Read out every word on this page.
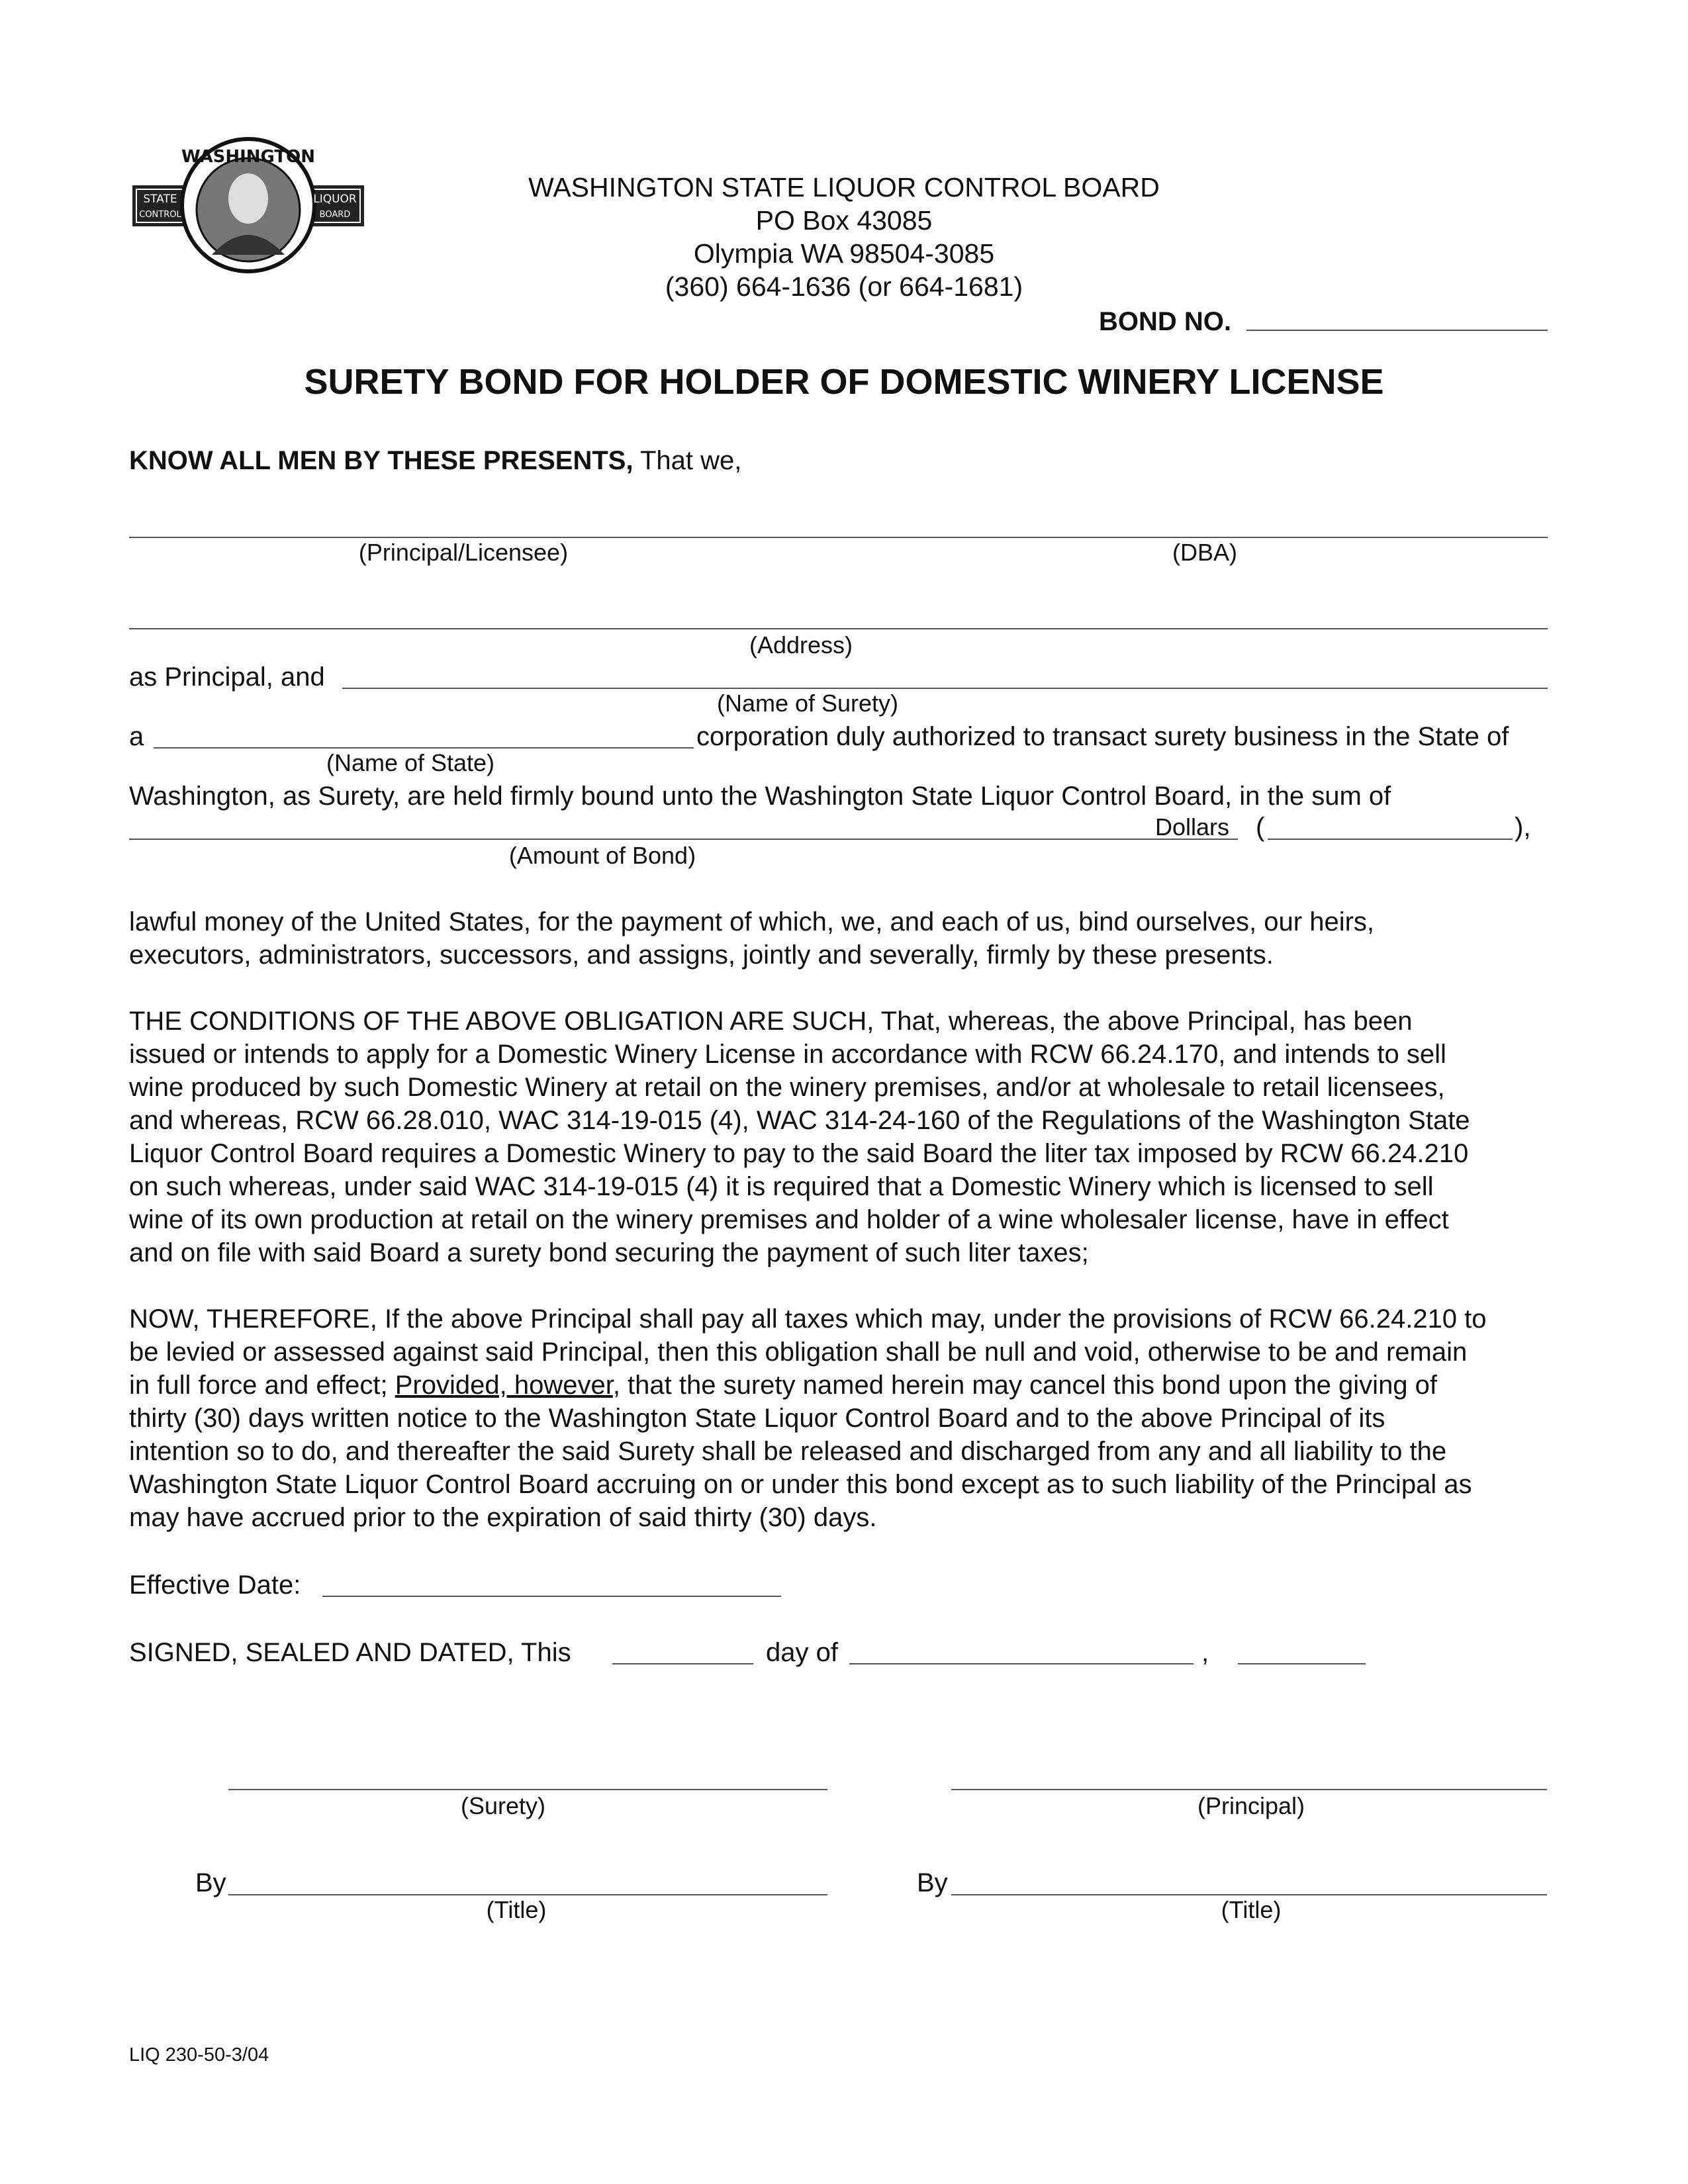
WASHINGTON
STATE
CONTROL
LIQUOR
BOARD
WASHINGTON STATE LIQUOR CONTROL BOARD
PO Box 43085
Olympia WA 98504-3085
(360) 664-1636 (or 664-1681)
BOND NO.
SURETY BOND FOR HOLDER OF DOMESTIC WINERY LICENSE
KNOW ALL MEN BY THESE PRESENTS, That we,
(Principal/Licensee)	(DBA)
(Address)
as Principal, and
(Name of Surety)
a	corporation duly authorized to transact surety business in the State of
(Name of State)
Washington, as Surety, are held firmly bound unto the Washington State Liquor Control Board, in the sum of
Dollars (	),
(Amount of Bond)
lawful money of the United States, for the payment of which, we, and each of us, bind ourselves, our heirs,
executors, administrators, successors, and assigns, jointly and severally, firmly by these presents.
THE CONDITIONS OF THE ABOVE OBLIGATION ARE SUCH, That, whereas, the above Principal, has been
issued or intends to apply for a Domestic Winery License in accordance with RCW 66.24.170, and intends to sell
wine produced by such Domestic Winery at retail on the winery premises, and/or at wholesale to retail licensees,
and whereas, RCW 66.28.010, WAC 314-19-015 (4), WAC 314-24-160 of the Regulations of the Washington State
Liquor Control Board requires a Domestic Winery to pay to the said Board the liter tax imposed by RCW 66.24.210
on such whereas, under said WAC 314-19-015 (4) it is required that a Domestic Winery which is licensed to sell
wine of its own production at retail on the winery premises and holder of a wine wholesaler license, have in effect
and on file with said Board a surety bond securing the payment of such liter taxes;
NOW, THEREFORE, If the above Principal shall pay all taxes which may, under the provisions of RCW 66.24.210 to
be levied or assessed against said Principal, then this obligation shall be null and void, otherwise to be and remain
in full force and effect; Provided, however, that the surety named herein may cancel this bond upon the giving of
thirty (30) days written notice to the Washington State Liquor Control Board and to the above Principal of its
intention so to do, and thereafter the said Surety shall be released and discharged from any and all liability to the
Washington State Liquor Control Board accruing on or under this bond except as to such liability of the Principal as
may have accrued prior to the expiration of said thirty (30) days.
Effective Date:
SIGNED, SEALED AND DATED, This	day of	,
(Surety)	(Principal)
By
(Title)
By
(Title)
LIQ 230-50-3/04
